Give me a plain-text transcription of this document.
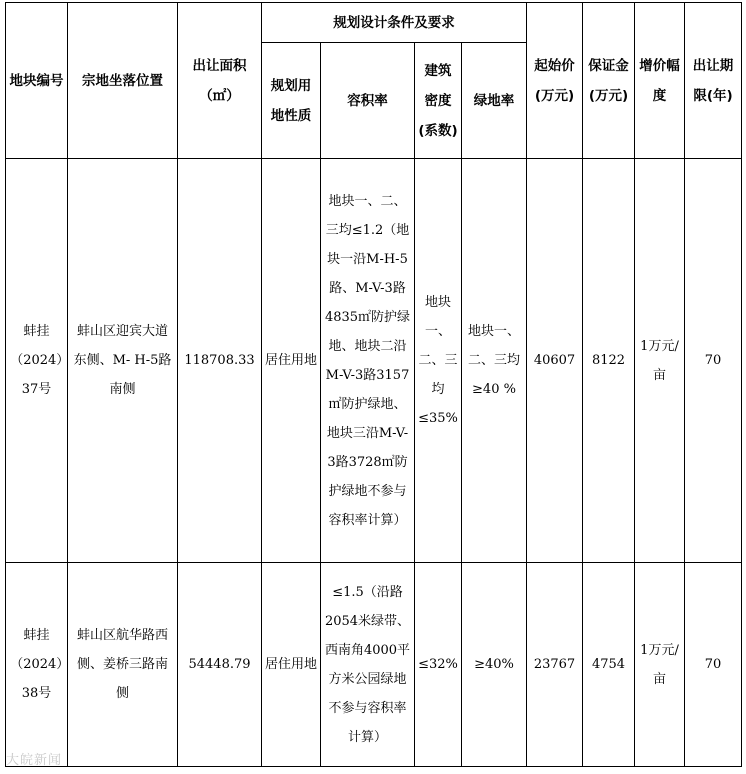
地块编号	宗地坐落位置	出让面积（㎡）	规划设计条件及要求				起始价(万元)	保证金(万元)	增价幅度	出让期限(年)
			规划用地性质	容积率	建筑密度(系数)	绿地率				
蚌挂（2024）37号	蚌山区迎宾大道东侧、M- H-5路南侧	118708.33	居住用地	地块一、二、三均≤1.2（地块一沿M-H-5路、M-V-3路4835㎡防护绿地、地块二沿M-V-3路3157㎡防护绿地、地块三沿M-V-3路3728㎡防护绿地不参与容积率计算）	地块一、二、三均≤35%	地块一、二、三均≥40 %	40607	8122	1万元/亩	70
蚌挂（2024）38号	蚌山区航华路西侧、姜桥三路南侧	54448.79	居住用地	≤1.5（沿路2054米绿带、西南角4000平方米公园绿地不参与容积率计算）	≤32%	≥40%	23767	4754	1万元/亩	70
大皖新闻
